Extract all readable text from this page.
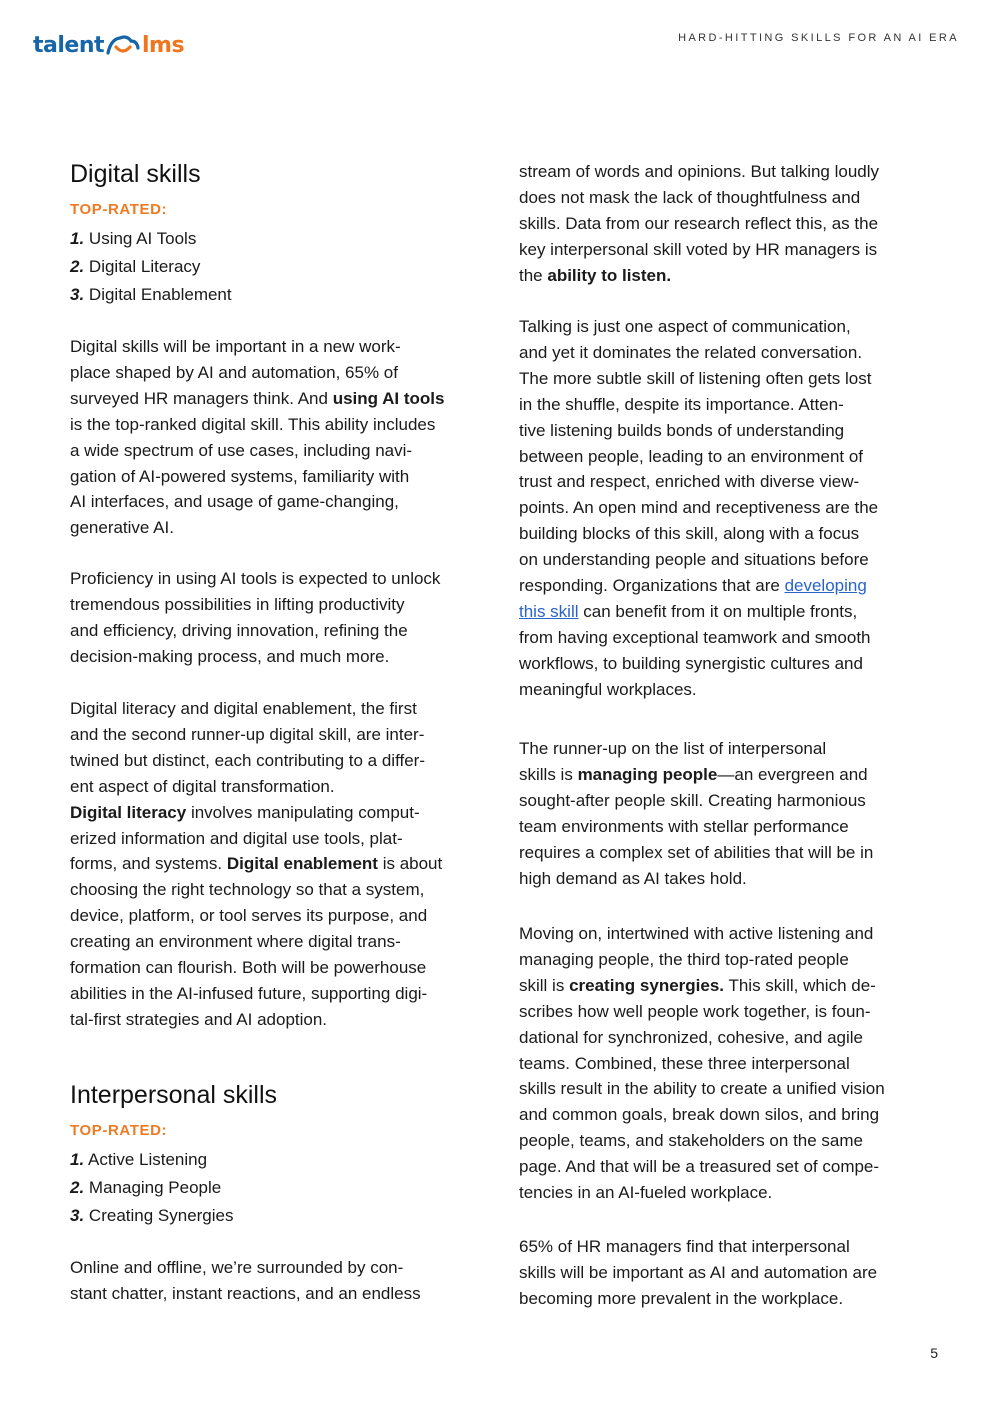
talent lms	HARD-HITTING SKILLS FOR AN AI ERA
Digital skills
TOP-RATED:
1. Using AI Tools
2. Digital Literacy
3. Digital Enablement
Digital skills will be important in a new work-
place shaped by AI and automation, 65% of
surveyed HR managers think. And using AI tools
is the top-ranked digital skill. This ability includes
a wide spectrum of use cases, including navi-
gation of AI-powered systems, familiarity with
AI interfaces, and usage of game-changing,
generative AI.
Proficiency in using AI tools is expected to unlock
tremendous possibilities in lifting productivity
and efficiency, driving innovation, refining the
decision-making process, and much more.
Digital literacy and digital enablement, the first
and the second runner-up digital skill, are inter-
twined but distinct, each contributing to a differ-
ent aspect of digital transformation.
Digital literacy involves manipulating comput-
erized information and digital use tools, plat-
forms, and systems. Digital enablement is about
choosing the right technology so that a system,
device, platform, or tool serves its purpose, and
creating an environment where digital trans-
formation can flourish. Both will be powerhouse
abilities in the AI-infused future, supporting digi-
tal-first strategies and AI adoption.
Interpersonal skills
TOP-RATED:
1. Active Listening
2. Managing People
3. Creating Synergies
Online and offline, we’re surrounded by con-
stant chatter, instant reactions, and an endless
stream of words and opinions. But talking loudly
does not mask the lack of thoughtfulness and
skills. Data from our research reflect this, as the
key interpersonal skill voted by HR managers is
the ability to listen.
Talking is just one aspect of communication,
and yet it dominates the related conversation.
The more subtle skill of listening often gets lost
in the shuffle, despite its importance. Atten-
tive listening builds bonds of understanding
between people, leading to an environment of
trust and respect, enriched with diverse view-
points. An open mind and receptiveness are the
building blocks of this skill, along with a focus
on understanding people and situations before
responding. Organizations that are developing
this skill can benefit from it on multiple fronts,
from having exceptional teamwork and smooth
workflows, to building synergistic cultures and
meaningful workplaces.
The runner-up on the list of interpersonal
skills is managing people—an evergreen and
sought-after people skill. Creating harmonious
team environments with stellar performance
requires a complex set of abilities that will be in
high demand as AI takes hold.
Moving on, intertwined with active listening and
managing people, the third top-rated people
skill is creating synergies. This skill, which de-
scribes how well people work together, is foun-
dational for synchronized, cohesive, and agile
teams. Combined, these three interpersonal
skills result in the ability to create a unified vision
and common goals, break down silos, and bring
people, teams, and stakeholders on the same
page. And that will be a treasured set of compe-
tencies in an AI-fueled workplace.
65% of HR managers find that interpersonal
skills will be important as AI and automation are
becoming more prevalent in the workplace.
5
